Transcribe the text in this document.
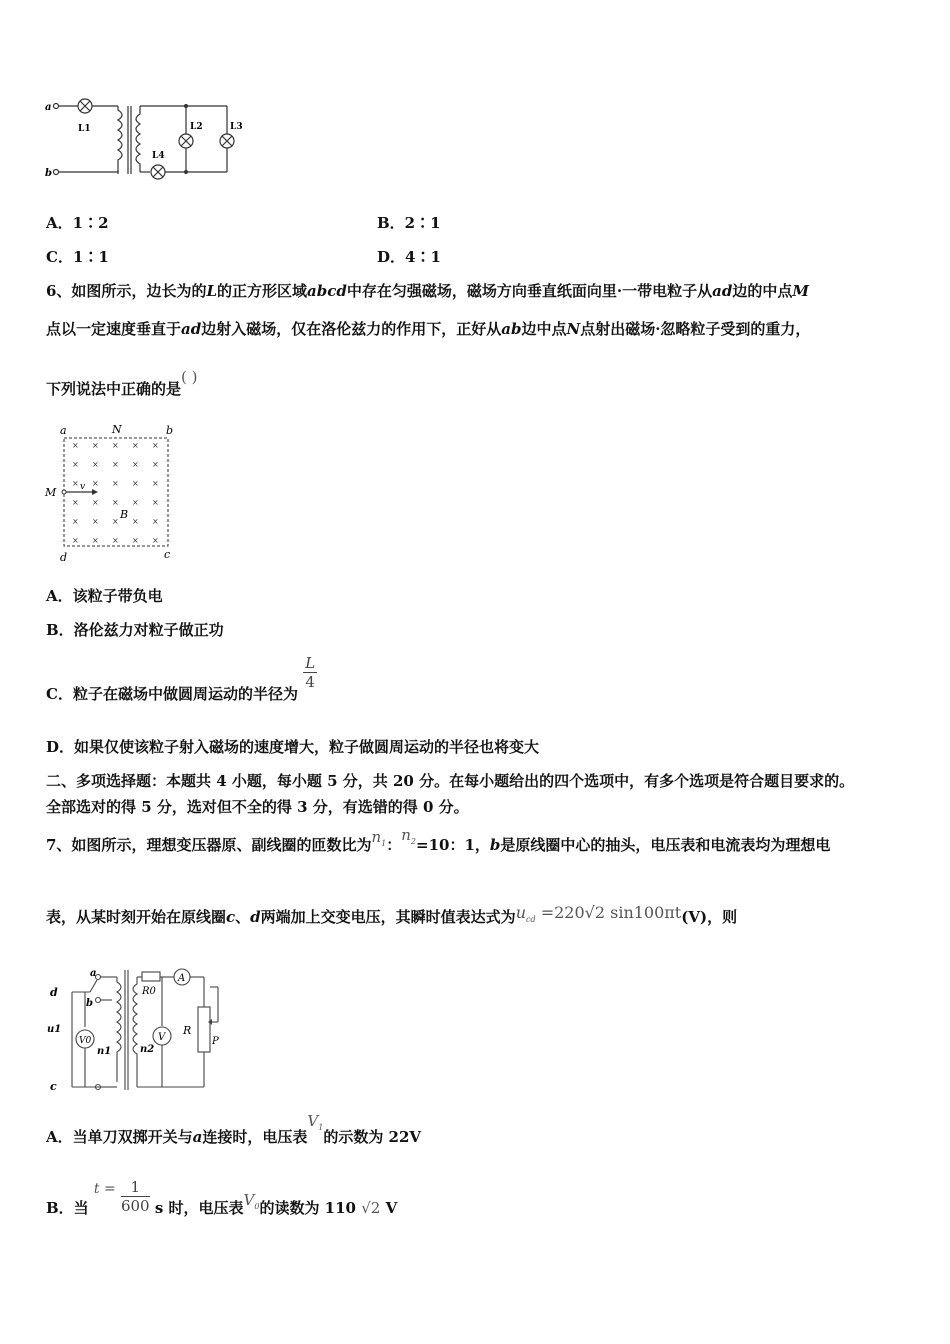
a
b
L1	L2	L3
L4
A．1∶2	B．2∶1
C．1∶1	D．4∶1
6、如图所示，边长为的L的正方形区域abcd中存在匀强磁场，磁场方向垂直纸面向里·一带电粒子从ad边的中点M
点以一定速度垂直于ad边射入磁场，仅在洛伦兹力的作用下，正好从ab边中点N点射出磁场·忽略粒子受到的重力，
下列说法中正确的是( )
× × × × ×
× × × × ×
× × × × ×
× × × × ×
× × × × ×
× × × × ×
a	N	b
M	v
B
d	c
A．该粒子带负电
B．洛伦兹力对粒子做正功
C．粒子在磁场中做圆周运动的半径为
$\frac{L}{4}$
D．如果仅使该粒子射入磁场的速度增大，粒子做圆周运动的半径也将变大
二、多项选择题：本题共 4 小题，每小题 5 分，共 20 分。在每小题给出的四个选项中，有多个选项是符合题目要求的。
全部选对的得 5 分，选对但不全的得 3 分，有选错的得 0 分。
7、如图所示，理想变压器原、副线圈的匝数比为$n_1$：$n_2=10$：1，b是原线圈中心的抽头，电压表和电流表均为理想电
表，从某时刻开始在原线圈c、d两端加上交变电压，其瞬时值表达式为$u_{cd} =220√2$ sin100πt(V)，则
a
b
d
c
u1
V0
n1	n2
R0
A
V
R
P
A．当单刀双掷开关与a连接时，电压表$V_1$的示数为 22V
B．当 $t = \frac{1}{600}$ s 时，电压表$V_0$的读数为 110 √2 V
